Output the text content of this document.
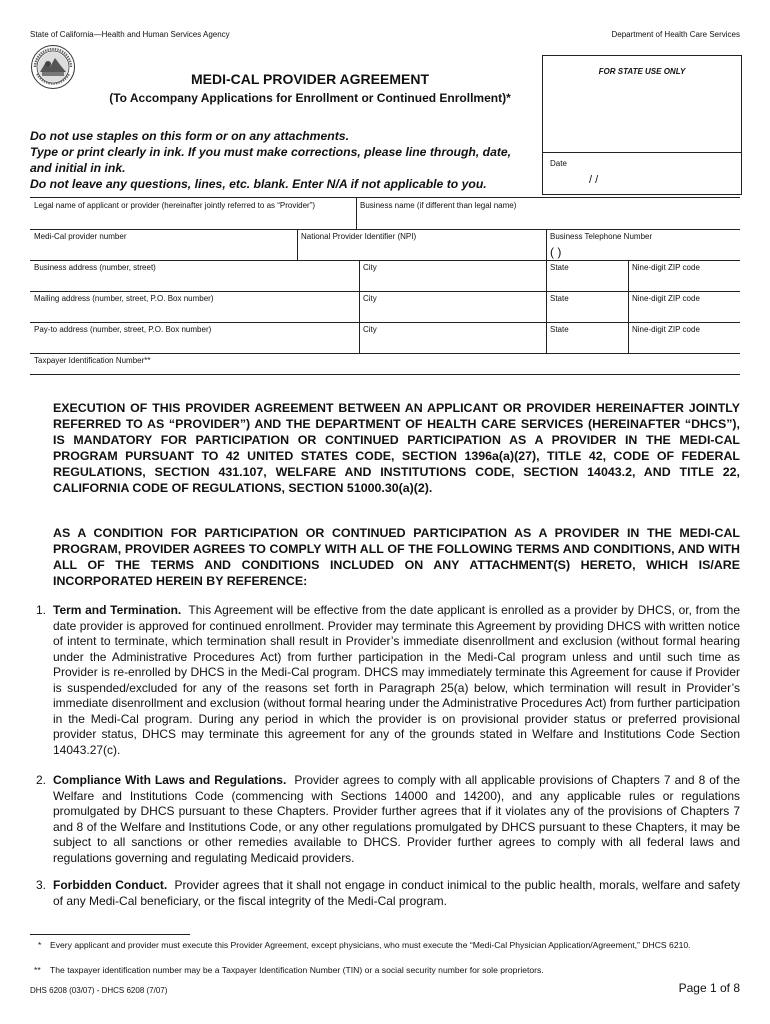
State of California—Health and Human Services Agency	Department of Health Care Services
MEDI-CAL PROVIDER AGREEMENT
(To Accompany Applications for Enrollment or Continued Enrollment)*
FOR STATE USE ONLY
Date
/ /
Do not use staples on this form or on any attachments.
Type or print clearly in ink. If you must make corrections, please line through, date,
and initial in ink.
Do not leave any questions, lines, etc. blank. Enter N/A if not applicable to you.
Legal name of applicant or provider (hereinafter jointly referred to as “Provider”)	Business name (if different than legal name)
Medi-Cal provider number	National Provider Identifier (NPI)	Business Telephone Number
( )
Business address (number, street)	City	State	Nine-digit ZIP code
Mailing address (number, street, P.O. Box number)	City	State	Nine-digit ZIP code
Pay-to address (number, street, P.O. Box number)	City	State	Nine-digit ZIP code
Taxpayer Identification Number**
EXECUTION OF THIS PROVIDER AGREEMENT BETWEEN AN APPLICANT OR PROVIDER HEREINAFTER JOINTLY REFERRED TO AS “PROVIDER”) AND THE DEPARTMENT OF HEALTH CARE SERVICES (HEREINAFTER “DHCS”), IS MANDATORY FOR PARTICIPATION OR CONTINUED PARTICIPATION AS A PROVIDER IN THE MEDI-CAL PROGRAM PURSUANT TO 42 UNITED STATES CODE, SECTION 1396a(a)(27), TITLE 42, CODE OF FEDERAL REGULATIONS, SECTION 431.107, WELFARE AND INSTITUTIONS CODE, SECTION 14043.2, AND TITLE 22, CALIFORNIA CODE OF REGULATIONS, SECTION 51000.30(a)(2).
AS A CONDITION FOR PARTICIPATION OR CONTINUED PARTICIPATION AS A PROVIDER IN THE MEDI-CAL PROGRAM, PROVIDER AGREES TO COMPLY WITH ALL OF THE FOLLOWING TERMS AND CONDITIONS, AND WITH ALL OF THE TERMS AND CONDITIONS INCLUDED ON ANY ATTACHMENT(S) HERETO, WHICH IS/ARE INCORPORATED HEREIN BY REFERENCE:
1. Term and Termination. This Agreement will be effective from the date applicant is enrolled as a provider by DHCS, or, from the date provider is approved for continued enrollment. Provider may terminate this Agreement by providing DHCS with written notice of intent to terminate, which termination shall result in Provider’s immediate disenrollment and exclusion (without formal hearing under the Administrative Procedures Act) from further participation in the Medi-Cal program unless and until such time as Provider is re-enrolled by DHCS in the Medi-Cal program. DHCS may immediately terminate this Agreement for cause if Provider is suspended/excluded for any of the reasons set forth in Paragraph 25(a) below, which termination will result in Provider’s immediate disenrollment and exclusion (without formal hearing under the Administrative Procedures Act) from further participation in the Medi-Cal program. During any period in which the provider is on provisional provider status or preferred provisional provider status, DHCS may terminate this agreement for any of the grounds stated in Welfare and Institutions Code Section 14043.27(c).
2. Compliance With Laws and Regulations. Provider agrees to comply with all applicable provisions of Chapters 7 and 8 of the Welfare and Institutions Code (commencing with Sections 14000 and 14200), and any applicable rules or regulations promulgated by DHCS pursuant to these Chapters. Provider further agrees that if it violates any of the provisions of Chapters 7 and 8 of the Welfare and Institutions Code, or any other regulations promulgated by DHCS pursuant to these Chapters, it may be subject to all sanctions or other remedies available to DHCS. Provider further agrees to comply with all federal laws and regulations governing and regulating Medicaid providers.
3. Forbidden Conduct. Provider agrees that it shall not engage in conduct inimical to the public health, morals, welfare and safety of any Medi-Cal beneficiary, or the fiscal integrity of the Medi-Cal program.
* Every applicant and provider must execute this Provider Agreement, except physicians, who must execute the “Medi-Cal Physician Application/Agreement,” DHCS 6210.
** The taxpayer identification number may be a Taxpayer Identification Number (TIN) or a social security number for sole proprietors.
DHS 6208 (03/07) - DHCS 6208 (7/07)	Page 1 of 8
